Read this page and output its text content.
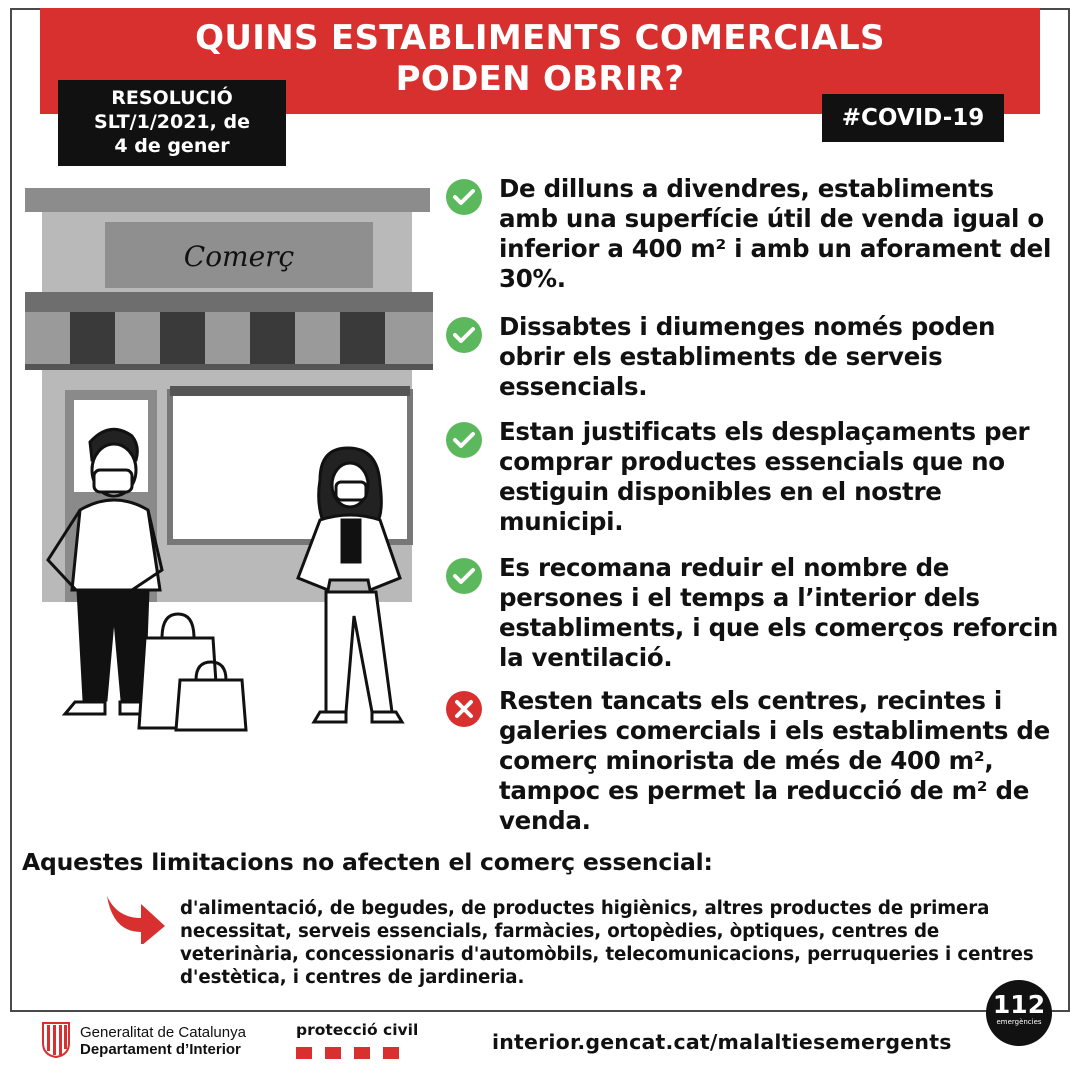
QUINS ESTABLIMENTS COMERCIALS
PODEN OBRIR?
RESOLUCIÓ
SLT/1/2021, de
4 de gener
#COVID-19
Comerç
De dilluns a divendres, establiments amb una superfície útil de venda igual o inferior a 400 m² i amb un aforament del 30%.
Dissabtes i diumenges només poden obrir els establiments de serveis essencials.
Estan justificats els desplaçaments per comprar productes essencials que no estiguin disponibles en el nostre municipi.
Es recomana reduir el nombre de persones i el temps a l’interior dels establiments, i que els comerços reforcin la ventilació.
Resten tancats els centres, recintes i galeries comercials i els establiments de comerç minorista de més de 400 m², tampoc es permet la reducció de m² de venda.
Aquestes limitacions no afecten el comerç essencial:
d'alimentació, de begudes, de productes higiènics, altres productes de primera necessitat, serveis essencials, farmàcies, ortopèdies, òptiques, centres de veterinària, concessionaris d'automòbils, telecomunicacions, perruqueries i centres d'estètica, i centres de jardineria.
Generalitat de Catalunya
Departament d’Interior
protecció civil	interior.gencat.cat/malaltiesemergents
112
emergències
